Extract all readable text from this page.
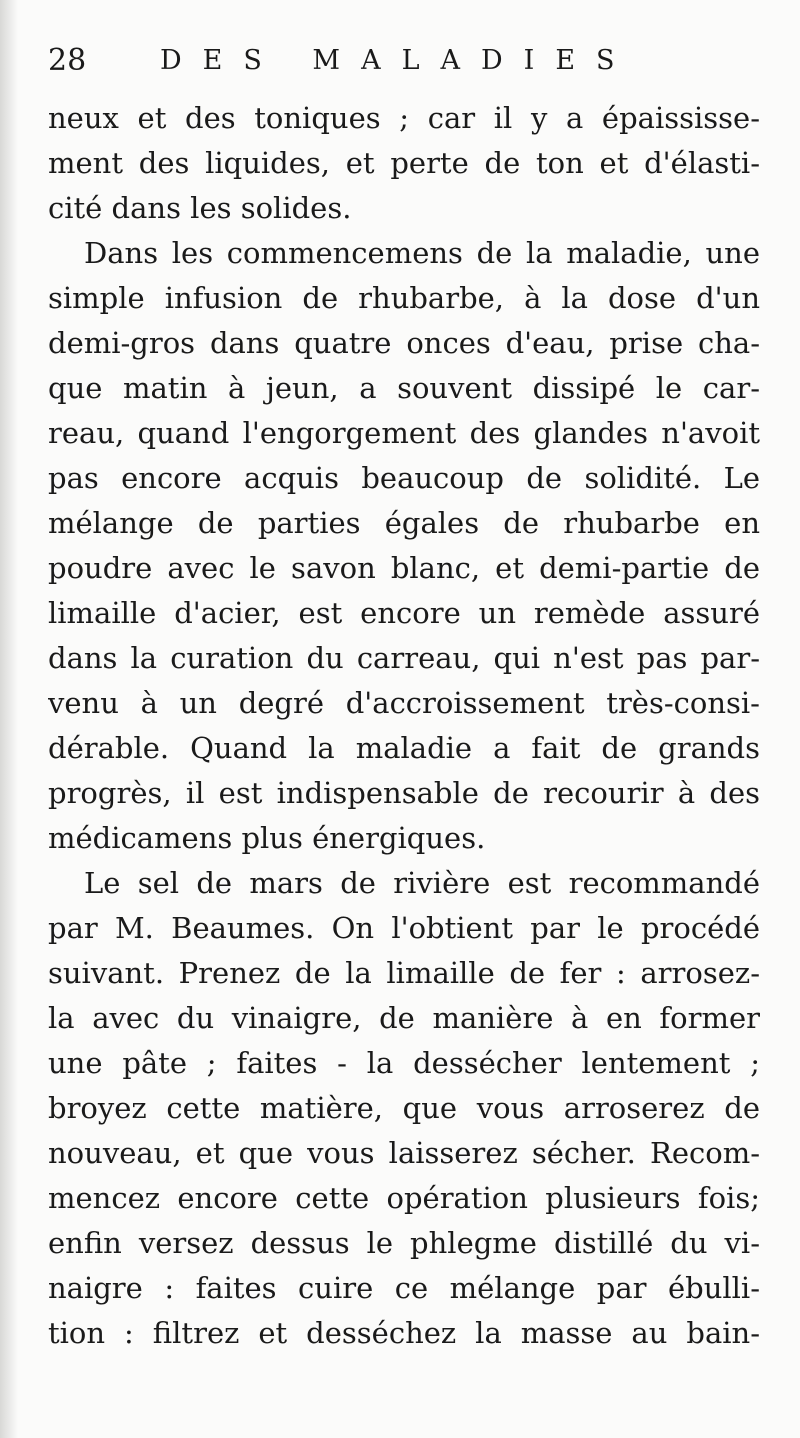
28	DES MALADIES
neux et des toniques ; car il y a épaississe-
ment des liquides, et perte de ton et d'élasti-
cité dans les solides.
Dans les commencemens de la maladie, une
simple infusion de rhubarbe, à la dose d'un
demi-gros dans quatre onces d'eau, prise cha-
que matin à jeun, a souvent dissipé le car-
reau, quand l'engorgement des glandes n'avoit
pas encore acquis beaucoup de solidité. Le
mélange de parties égales de rhubarbe en
poudre avec le savon blanc, et demi-partie de
limaille d'acier, est encore un remède assuré
dans la curation du carreau, qui n'est pas par-
venu à un degré d'accroissement très-consi-
dérable. Quand la maladie a fait de grands
progrès, il est indispensable de recourir à des
médicamens plus énergiques.
Le sel de mars de rivière est recommandé
par M. Beaumes. On l'obtient par le procédé
suivant. Prenez de la limaille de fer : arrosez-
la avec du vinaigre, de manière à en former
une pâte ; faites - la dessécher lentement ;
broyez cette matière, que vous arroserez de
nouveau, et que vous laisserez sécher. Recom-
mencez encore cette opération plusieurs fois;
enfin versez dessus le phlegme distillé du vi-
naigre : faites cuire ce mélange par ébulli-
tion : filtrez et desséchez la masse au bain-
